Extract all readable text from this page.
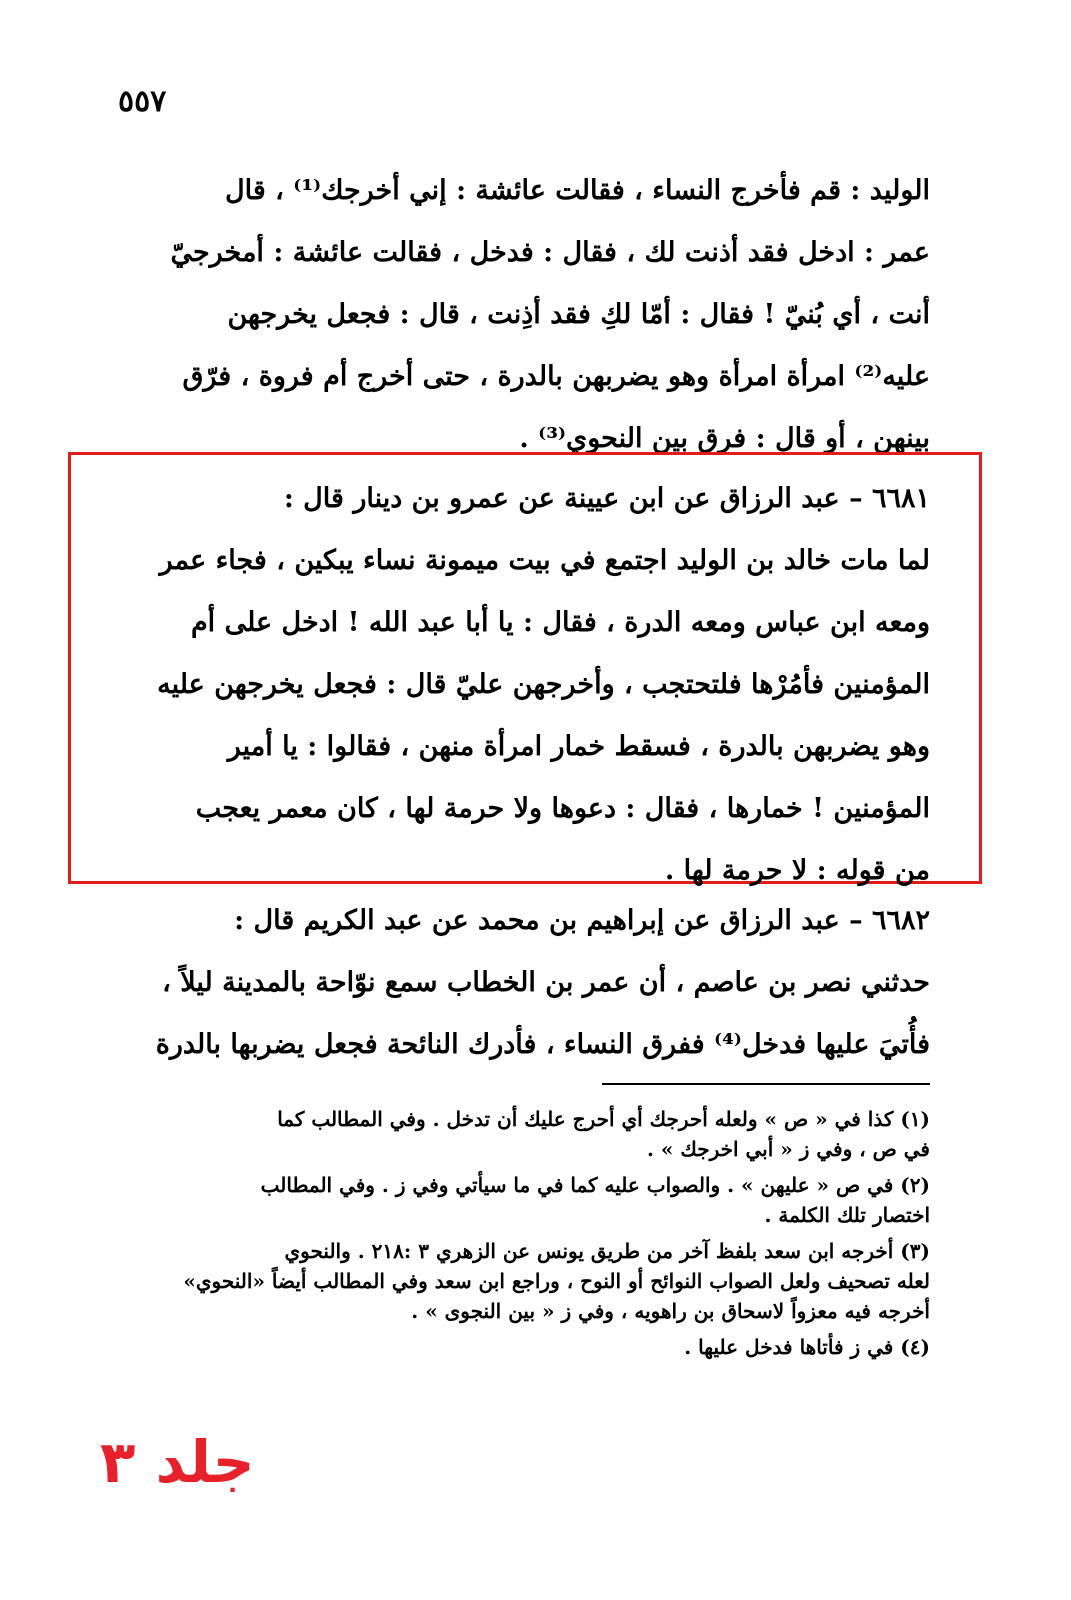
٥٥٧
الوليد : قم فأخرج النساء ، فقالت عائشة : إني أخرجك⁽¹⁾ ، قال
عمر : ادخل فقد أذنت لك ، فقال : فدخل ، فقالت عائشة : أمخرجيّ
أنت ، أي بُنيّ ! فقال : أمّا لكِ فقد أذِنت ، قال : فجعل يخرجهن
عليه⁽²⁾ امرأة امرأة وهو يضربهن بالدرة ، حتى أخرج أم فروة ، فرّق
بينهن ، أو قال : فرق بين النحوي⁽³⁾ .
٦٦٨١ – عبد الرزاق عن ابن عيينة عن عمرو بن دينار قال :
لما مات خالد بن الوليد اجتمع في بيت ميمونة نساء يبكين ، فجاء عمر
ومعه ابن عباس ومعه الدرة ، فقال : يا أبا عبد الله ! ادخل على أم
المؤمنين فأمُرْها فلتحتجب ، وأخرجهن عليّ قال : فجعل يخرجهن عليه
وهو يضربهن بالدرة ، فسقط خمار امرأة منهن ، فقالوا : يا أمير
المؤمنين ! خمارها ، فقال : دعوها ولا حرمة لها ، كان معمر يعجب
من قوله : لا حرمة لها .
٦٦٨٢ – عبد الرزاق عن إبراهيم بن محمد عن عبد الكريم قال :
حدثني نصر بن عاصم ، أن عمر بن الخطاب سمع نوّاحة بالمدينة ليلاً ،
فأُتيَ عليها فدخل⁽⁴⁾ ففرق النساء ، فأدرك النائحة فجعل يضربها بالدرة
(١) كذا في « ص » ولعله أحرجك أي أحرج عليك أن تدخل . وفي المطالب كما
في ص ، وفي ز « أبي اخرجك » .
(٢) في ص « عليهن » . والصواب عليه كما في ما سيأتي وفي ز . وفي المطالب
اختصار تلك الكلمة .
(٣) أخرجه ابن سعد بلفظ آخر من طريق يونس عن الزهري ٣ :٢١٨ . والنحوي
لعله تصحيف ولعل الصواب النوائح أو النوح ، وراجع ابن سعد وفي المطالب أيضاً «النحوي»
أخرجه فيه معزواً لاسحاق بن راهويه ، وفي ز « بين النجوى » .
(٤) في ز فأتاها فدخل عليها .
جلد ٣
